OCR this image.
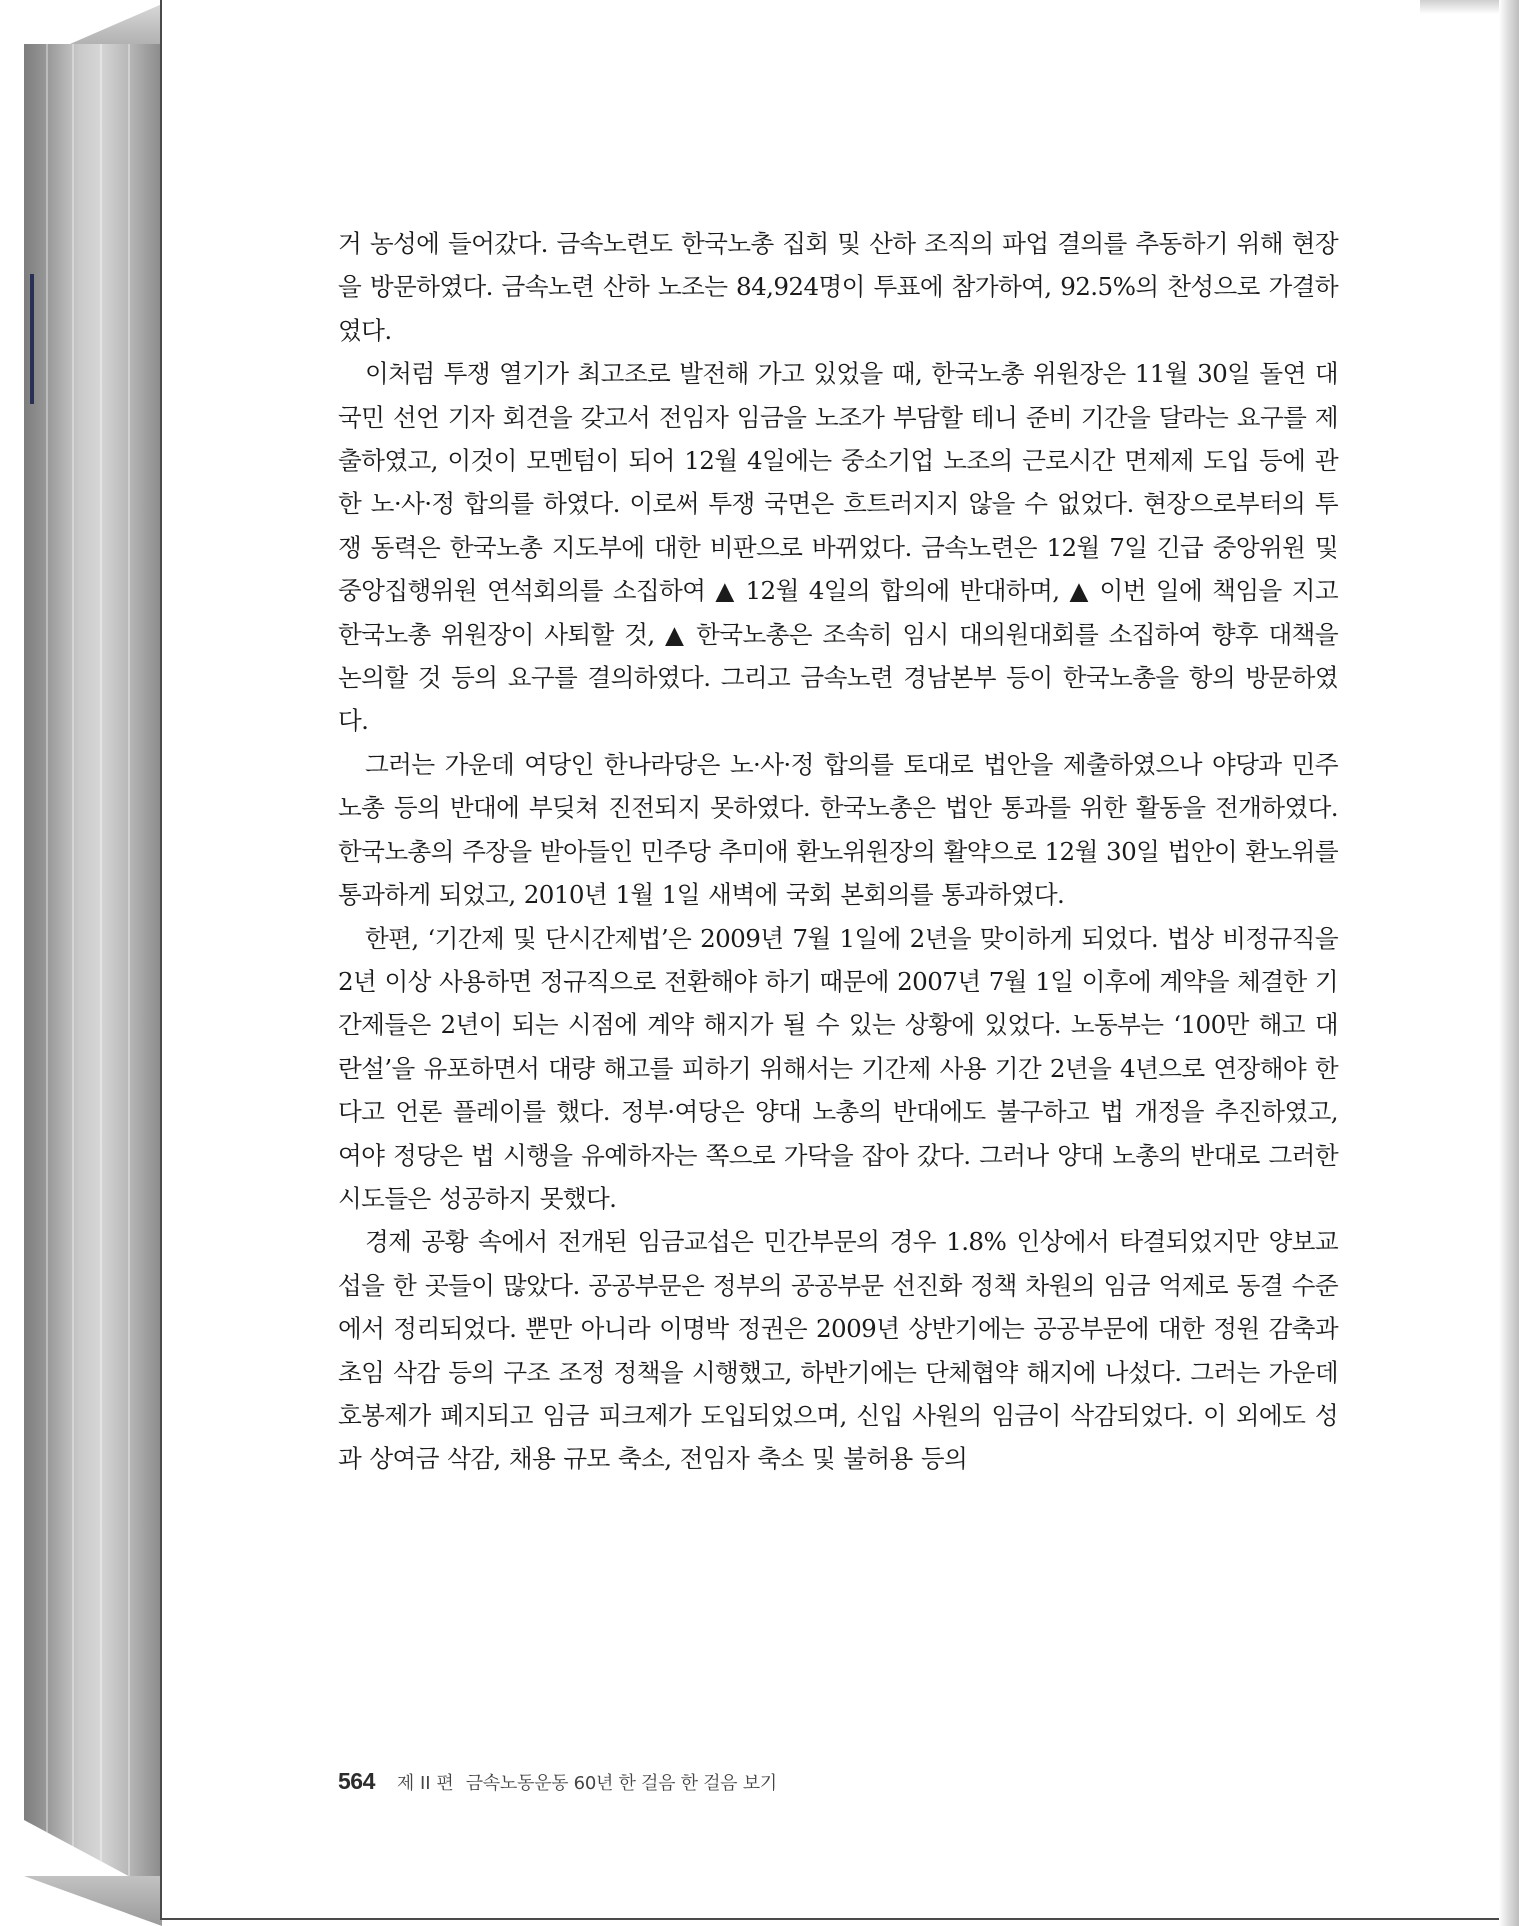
거 농성에 들어갔다. 금속노련도 한국노총 집회 및 산하 조직의 파업 결의를 추동하기 위해 현장을 방문하였다. 금속노련 산하 노조는 84,924명이 투표에 참가하여, 92.5%의 찬성으로 가결하였다.

이처럼 투쟁 열기가 최고조로 발전해 가고 있었을 때, 한국노총 위원장은 11월 30일 돌연 대국민 선언 기자 회견을 갖고서 전임자 임금을 노조가 부담할 테니 준비 기간을 달라는 요구를 제출하였고, 이것이 모멘텀이 되어 12월 4일에는 중소기업 노조의 근로시간 면제제 도입 등에 관한 노·사·정 합의를 하였다. 이로써 투쟁 국면은 흐트러지지 않을 수 없었다. 현장으로부터의 투쟁 동력은 한국노총 지도부에 대한 비판으로 바뀌었다. 금속노련은 12월 7일 긴급 중앙위원 및 중앙집행위원 연석회의를 소집하여 ▲ 12월 4일의 합의에 반대하며, ▲ 이번 일에 책임을 지고 한국노총 위원장이 사퇴할 것, ▲ 한국노총은 조속히 임시 대의원대회를 소집하여 향후 대책을 논의할 것 등의 요구를 결의하였다. 그리고 금속노련 경남본부 등이 한국노총을 항의 방문하였다.

그러는 가운데 여당인 한나라당은 노·사·정 합의를 토대로 법안을 제출하였으나 야당과 민주노총 등의 반대에 부딪쳐 진전되지 못하였다. 한국노총은 법안 통과를 위한 활동을 전개하였다. 한국노총의 주장을 받아들인 민주당 추미애 환노위원장의 활약으로 12월 30일 법안이 환노위를 통과하게 되었고, 2010년 1월 1일 새벽에 국회 본회의를 통과하였다.

한편, ‘기간제 및 단시간제법’은 2009년 7월 1일에 2년을 맞이하게 되었다. 법상 비정규직을 2년 이상 사용하면 정규직으로 전환해야 하기 때문에 2007년 7월 1일 이후에 계약을 체결한 기간제들은 2년이 되는 시점에 계약 해지가 될 수 있는 상황에 있었다. 노동부는 ‘100만 해고 대란설’을 유포하면서 대량 해고를 피하기 위해서는 기간제 사용 기간 2년을 4년으로 연장해야 한다고 언론 플레이를 했다. 정부·여당은 양대 노총의 반대에도 불구하고 법 개정을 추진하였고, 여야 정당은 법 시행을 유예하자는 쪽으로 가닥을 잡아 갔다. 그러나 양대 노총의 반대로 그러한 시도들은 성공하지 못했다.

경제 공황 속에서 전개된 임금교섭은 민간부문의 경우 1.8% 인상에서 타결되었지만 양보교섭을 한 곳들이 많았다. 공공부문은 정부의 공공부문 선진화 정책 차원의 임금 억제로 동결 수준에서 정리되었다. 뿐만 아니라 이명박 정권은 2009년 상반기에는 공공부문에 대한 정원 감축과 초임 삭감 등의 구조 조정 정책을 시행했고, 하반기에는 단체협약 해지에 나섰다. 그러는 가운데 호봉제가 폐지되고 임금 피크제가 도입되었으며, 신입 사원의 임금이 삭감되었다. 이 외에도 성과 상여금 삭감, 채용 규모 축소, 전임자 축소 및 불허용 등의

564 제 II 편 금속노동운동 60년 한 걸음 한 걸음 보기
